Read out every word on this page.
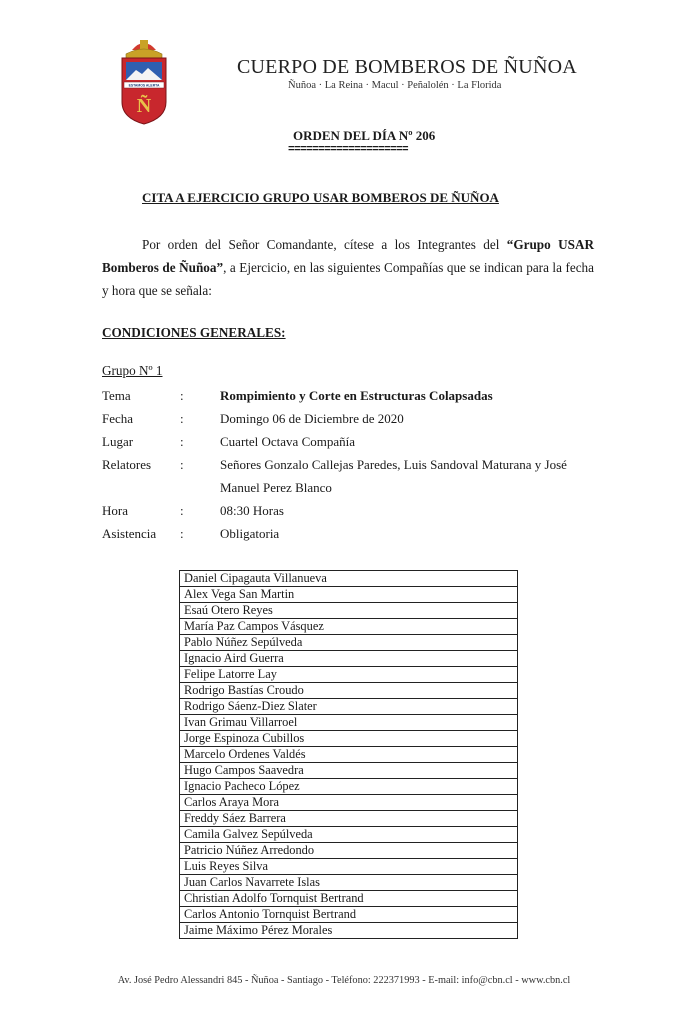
ESTAMOS ALERTA
Ñ
CUERPO DE BOMBEROS DE ÑUÑOA
Ñuñoa · La Reina · Macul · Peñalolén · La Florida
ORDEN DEL DÍA Nº 206
====================
CITA A EJERCICIO GRUPO USAR BOMBEROS DE ÑUÑOA
Por orden del Señor Comandante, cítese a los Integrantes del “Grupo USAR Bomberos de Ñuñoa”, a Ejercicio, en las siguientes Compañías que se indican para la fecha y hora que se señala:
CONDICIONES GENERALES:
Grupo Nº 1
Tema	:	Rompimiento y Corte en Estructuras Colapsadas
Fecha	:	Domingo 06 de Diciembre de 2020
Lugar	:	Cuartel Octava Compañía
Relatores	:	Señores Gonzalo Callejas Paredes, Luis Sandoval Maturana y José
Manuel Perez Blanco
Hora	:	08:30 Horas
Asistencia	:	Obligatoria
Daniel Cipagauta Villanueva
Alex Vega San Martin
Esaú Otero Reyes
María Paz Campos Vásquez
Pablo Núñez Sepúlveda
Ignacio Aird Guerra
Felipe Latorre Lay
Rodrigo Bastías Croudo
Rodrigo Sáenz-Diez Slater
Ivan Grimau Villarroel
Jorge Espinoza Cubillos
Marcelo Ordenes Valdés
Hugo Campos Saavedra
Ignacio Pacheco López
Carlos Araya Mora
Freddy Sáez Barrera
Camila Galvez Sepúlveda
Patricio Núñez Arredondo
Luis Reyes Silva
Juan Carlos Navarrete Islas
Christian Adolfo Tornquist Bertrand
Carlos Antonio Tornquist Bertrand
Jaime Máximo Pérez Morales
Av. José Pedro Alessandri 845 - Ñuñoa - Santiago - Teléfono: 222371993 - E-mail: info@cbn.cl - www.cbn.cl
